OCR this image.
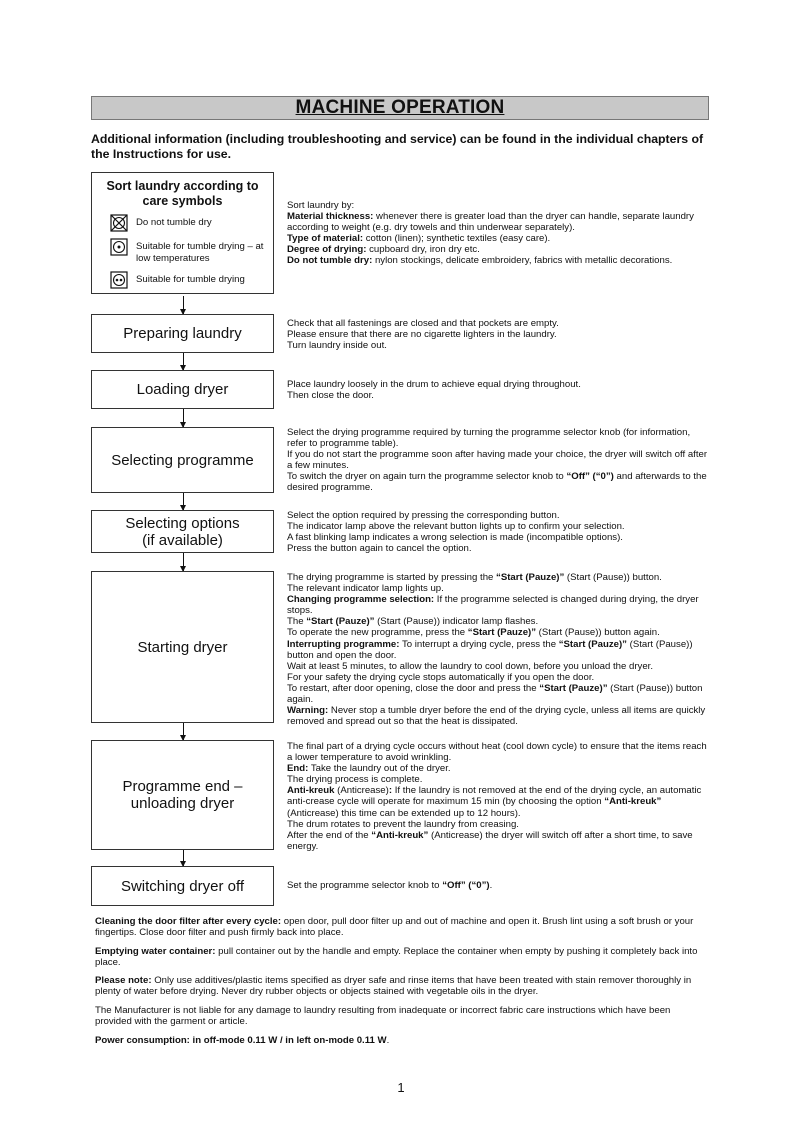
MACHINE OPERATION
Additional information (including troubleshooting and service) can be found in the individual chapters of the Instructions for use.
Sort laundry according to care symbols
Do not tumble dry
Suitable for tumble drying – at low temperatures
Suitable for tumble drying

Sort laundry by:

Material thickness: whenever there is greater load than the dryer can handle, separate laundry according to weight (e.g. dry towels and thin underwear separately).

Type of material: cotton (linen); synthetic textiles (easy care).

Degree of drying: cupboard dry, iron dry etc.

Do not tumble dry: nylon stockings, delicate embroidery, fabrics with metallic decorations.

Preparing laundry

Check that all fastenings are closed and that pockets are empty.

Please ensure that there are no cigarette lighters in the laundry.

Turn laundry inside out.

Loading dryer	Place laundry loosely in the drum to achieve equal drying throughout.

Then close the door.

Selecting programme

Select the drying programme required by turning the programme selector knob (for information, refer to programme table).

If you do not start the programme soon after having made your choice, the dryer will switch off after a few minutes.

To switch the dryer on again turn the programme selector knob to “Off” (“0”) and afterwards to the desired programme.

Selecting options
(if available)

Select the option required by pressing the corresponding button.

The indicator lamp above the relevant button lights up to confirm your selection.

A fast blinking lamp indicates a wrong selection is made (incompatible options).

Press the button again to cancel the option.

Starting dryer

The drying programme is started by pressing the “Start (Pauze)” (Start (Pause)) button.

The relevant indicator lamp lights up.

Changing programme selection: If the programme selected is changed during drying, the dryer stops.

The “Start (Pauze)” (Start (Pause)) indicator lamp flashes.

To operate the new programme, press the “Start (Pauze)” (Start (Pause)) button again.

Interrupting programme: To interrupt a drying cycle, press the “Start (Pauze)” (Start (Pause)) button and open the door.

Wait at least 5 minutes, to allow the laundry to cool down, before you unload the dryer.

For your safety the drying cycle stops automatically if you open the door.

To restart, after door opening, close the door and press the “Start (Pauze)” (Start (Pause)) button again.

Warning: Never stop a tumble dryer before the end of the drying cycle, unless all items are quickly removed and spread out so that the heat is dissipated.

Programme end –
unloading dryer

The final part of a drying cycle occurs without heat (cool down cycle) to ensure that the items reach a lower temperature to avoid wrinkling.

End: Take the laundry out of the dryer.

The drying process is complete.

Anti-kreuk (Anticrease): If the laundry is not removed at the end of the drying cycle, an automatic anti-crease cycle will operate for maximum 15 min (by choosing the option “Anti-kreuk” (Anticrease) this time can be extended up to 12 hours).

The drum rotates to prevent the laundry from creasing.

After the end of the “Anti-kreuk” (Anticrease) the dryer will switch off after a short time, to save energy.

Switching dryer off	Set the programme selector knob to “Off” (“0”).

Cleaning the door filter after every cycle: open door, pull door filter up and out of machine and open it. Brush lint using a soft brush or your fingertips. Close door filter and push firmly back into place.

Emptying water container: pull container out by the handle and empty. Replace the container when empty by pushing it completely back into place.

Please note: Only use additives/plastic items specified as dryer safe and rinse items that have been treated with stain remover thoroughly in plenty of water before drying. Never dry rubber objects or objects stained with vegetable oils in the dryer.

The Manufacturer is not liable for any damage to laundry resulting from inadequate or incorrect fabric care instructions which have been provided with the garment or article.

Power consumption: in off-mode 0.11 W / in left on-mode 0.11 W.

1
